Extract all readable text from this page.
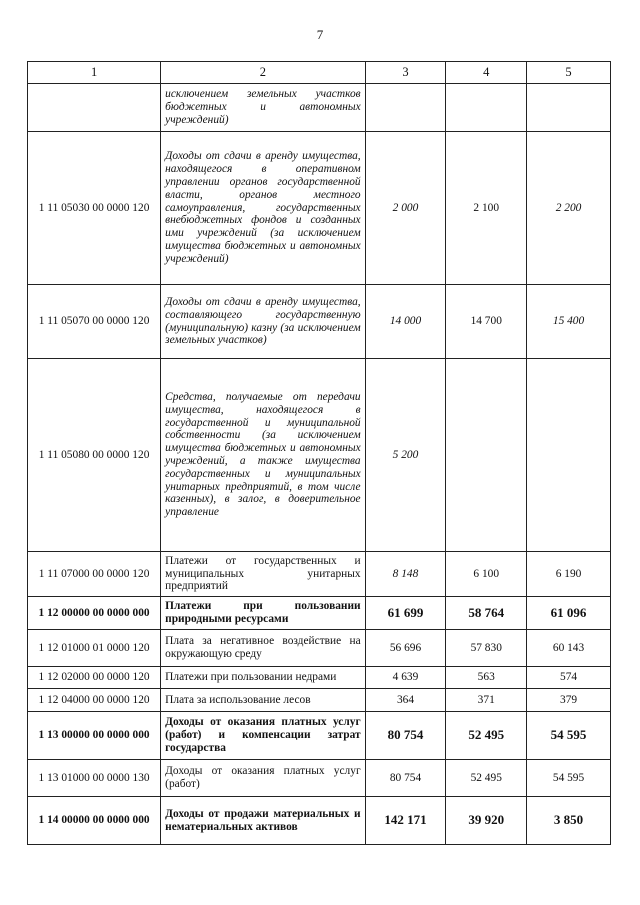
7
1	2	3	4	5
	исключением земельных участков бюджетных и автономных учреждений)			
1 11 05030 00 0000 120	Доходы от сдачи в аренду имущества, находящегося в оперативном управлении органов государственной власти, органов местного самоуправления, государственных внебюджетных фондов и созданных ими учреждений (за исключением имущества бюджетных и автономных учреждений)	2 000	2 100	2 200
1 11 05070 00 0000 120	Доходы от сдачи в аренду имущества, составляющего государственную (муниципальную) казну (за исключением земельных участков)	14 000	14 700	15 400
1 11 05080 00 0000 120	Средства, получаемые от передачи имущества, находящегося в государственной и муниципальной собственности (за исключением имущества бюджетных и автономных учреждений, а также имущества государственных и муниципальных унитарных предприятий, в том числе казенных), в залог, в доверительное управление	5 200		
1 11 07000 00 0000 120	Платежи от государственных и муниципальных унитарных предприятий	8 148	6 100	6 190
1 12 00000 00 0000 000	Платежи при пользовании природными ресурсами	61 699	58 764	61 096
1 12 01000 01 0000 120	Плата за негативное воздействие на окружающую среду	56 696	57 830	60 143
1 12 02000 00 0000 120	Платежи при пользовании недрами	4 639	563	574
1 12 04000 00 0000 120	Плата за использование лесов	364	371	379
1 13 00000 00 0000 000	Доходы от оказания платных услуг (работ) и компенсации затрат государства	80 754	52 495	54 595
1 13 01000 00 0000 130	Доходы от оказания платных услуг (работ)	80 754	52 495	54 595
1 14 00000 00 0000 000	Доходы от продажи материальных и нематериальных активов	142 171	39 920	3 850
